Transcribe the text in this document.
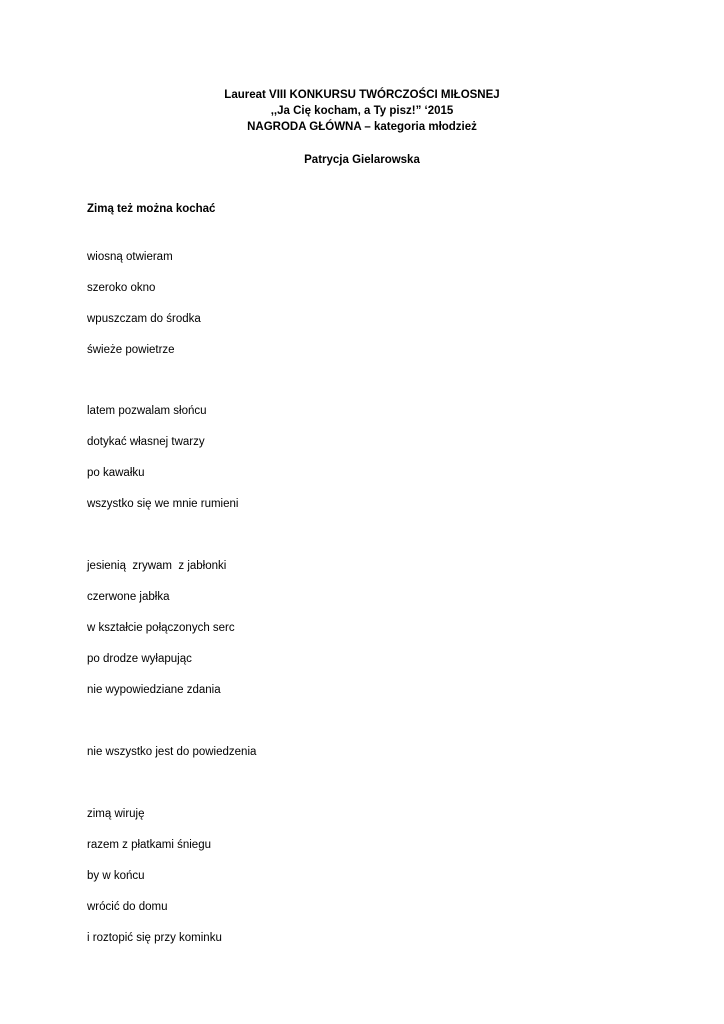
Laureat VIII KONKURSU TWÓRCZOŚCI MIŁOSNEJ
,,Ja Cię kocham, a Ty pisz!” ‘2015
NAGRODA GŁÓWNA – kategoria młodzież
Patrycja Gielarowska
Zimą też można kochać
wiosną otwieram
szeroko okno
wpuszczam do środka
świeże powietrze
latem pozwalam słońcu
dotykać własnej twarzy
po kawałku
wszystko się we mnie rumieni
jesienią  zrywam  z jabłonki
czerwone jabłka
w kształcie połączonych serc
po drodze wyłapując
nie wypowiedziane zdania
nie wszystko jest do powiedzenia
zimą wiruję
razem z płatkami śniegu
by w końcu
wrócić do domu
i roztopić się przy kominku
